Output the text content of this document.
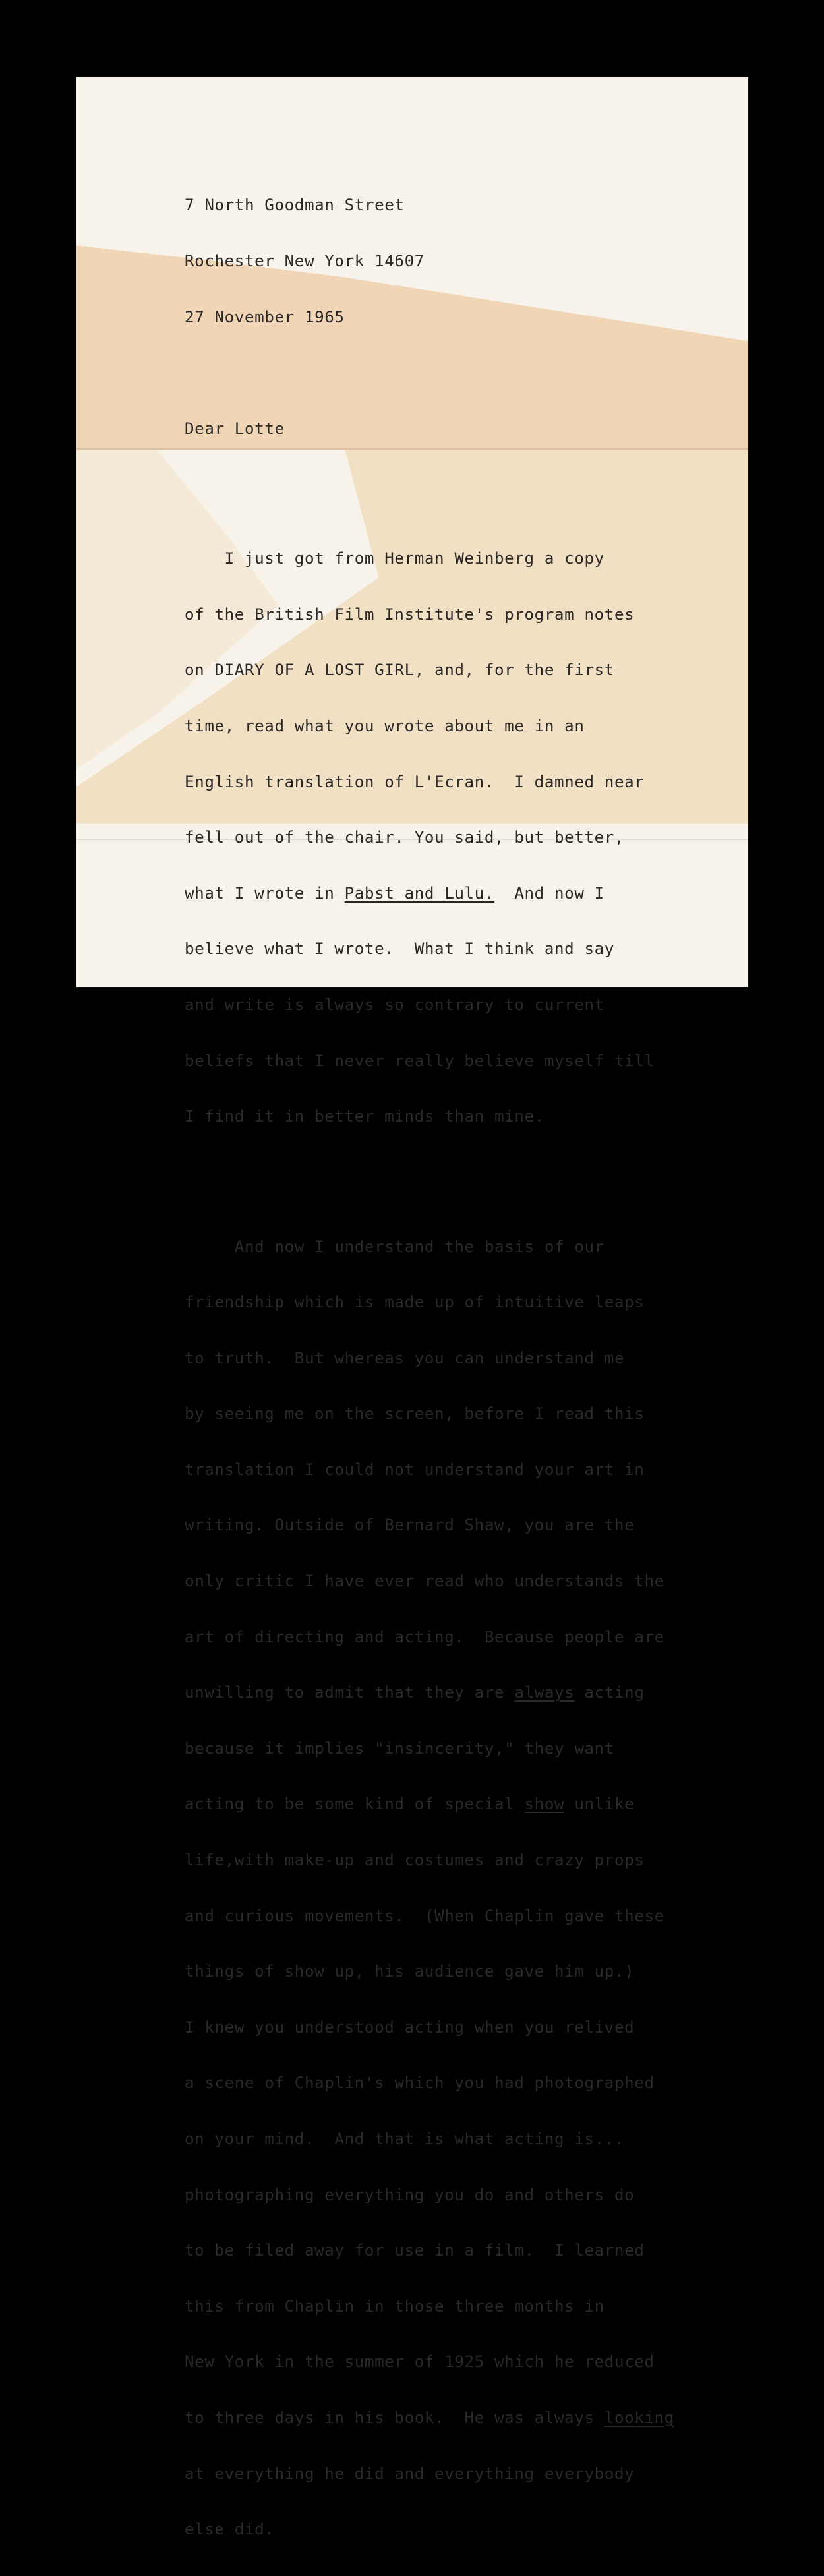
7 North Goodman Street

Rochester New York 14607

27 November 1965

Dear Lotte

I just got from Herman Weinberg a copy

of the British Film Institute's program notes

on DIARY OF A LOST GIRL, and, for the first

time, read what you wrote about me in an

English translation of L'Ecran.  I damned near

fell out of the chair. You said, but better,

what I wrote in Pabst and Lulu.  And now I

believe what I wrote.  What I think and say

and write is always so contrary to current

beliefs that I never really believe myself till

I find it in better minds than mine.

And now I understand the basis of our

friendship which is made up of intuitive leaps

to truth.  But whereas you can understand me

by seeing me on the screen, before I read this

translation I could not understand your art in

writing. Outside of Bernard Shaw, you are the

only critic I have ever read who understands the

art of directing and acting.  Because people are

unwilling to admit that they are always acting

because it implies "insincerity," they want

acting to be some kind of special show unlike

life,with make-up and costumes and crazy props

and curious movements.  (When Chaplin gave these

things of show up, his audience gave him up.)

I knew you understood acting when you relived

a scene of Chaplin's which you had photographed

on your mind.  And that is what acting is...

photographing everything you do and others do

to be filed away for use in a film.  I learned

this from Chaplin in those three months in

New York in the summer of 1925 which he reduced

to three days in his book.  He was always looking

at everything he did and everything everybody

else did.
